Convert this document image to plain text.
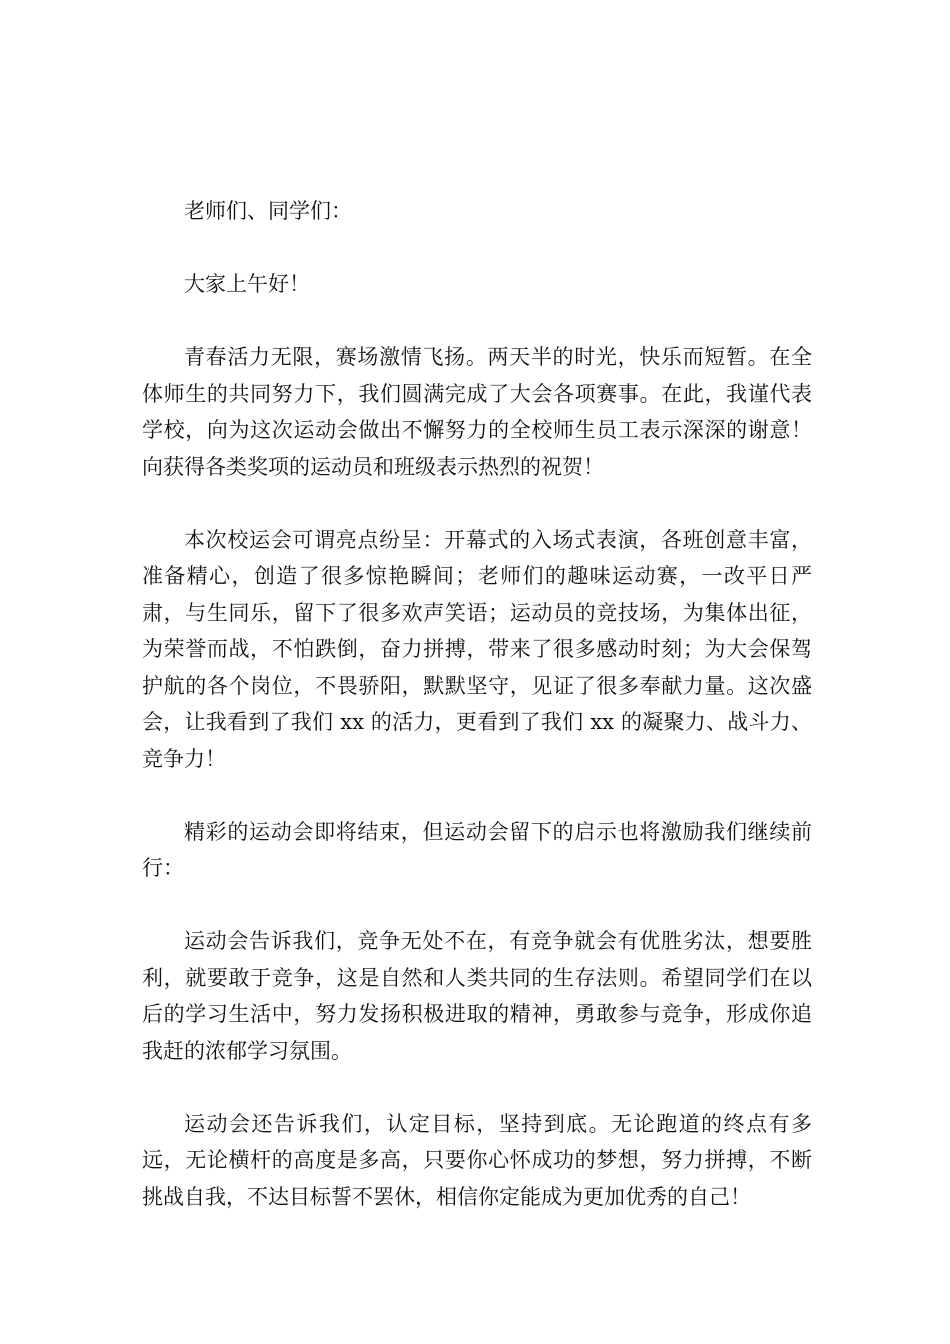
老师们、同学们：

大家上午好！

青春活力无限，赛场激情飞扬。两天半的时光，快乐而短暂。在全体师生的共同努力下，我们圆满完成了大会各项赛事。在此，我谨代表学校，向为这次运动会做出不懈努力的全校师生员工表示深深的谢意！向获得各类奖项的运动员和班级表示热烈的祝贺！

本次校运会可谓亮点纷呈：开幕式的入场式表演，各班创意丰富，准备精心，创造了很多惊艳瞬间；老师们的趣味运动赛，一改平日严肃，与生同乐，留下了很多欢声笑语；运动员的竞技场，为集体出征，为荣誉而战，不怕跌倒，奋力拼搏，带来了很多感动时刻；为大会保驾护航的各个岗位，不畏骄阳，默默坚守，见证了很多奉献力量。这次盛会，让我看到了我们 xx 的活力，更看到了我们 xx 的凝聚力、战斗力、竞争力！

精彩的运动会即将结束，但运动会留下的启示也将激励我们继续前行：

运动会告诉我们，竞争无处不在，有竞争就会有优胜劣汰，想要胜利，就要敢于竞争，这是自然和人类共同的生存法则。希望同学们在以后的学习生活中，努力发扬积极进取的精神，勇敢参与竞争，形成你追我赶的浓郁学习氛围。

运动会还告诉我们，认定目标，坚持到底。无论跑道的终点有多远，无论横杆的高度是多高，只要你心怀成功的梦想，努力拼搏，不断挑战自我，不达目标誓不罢休，相信你定能成为更加优秀的自己！
